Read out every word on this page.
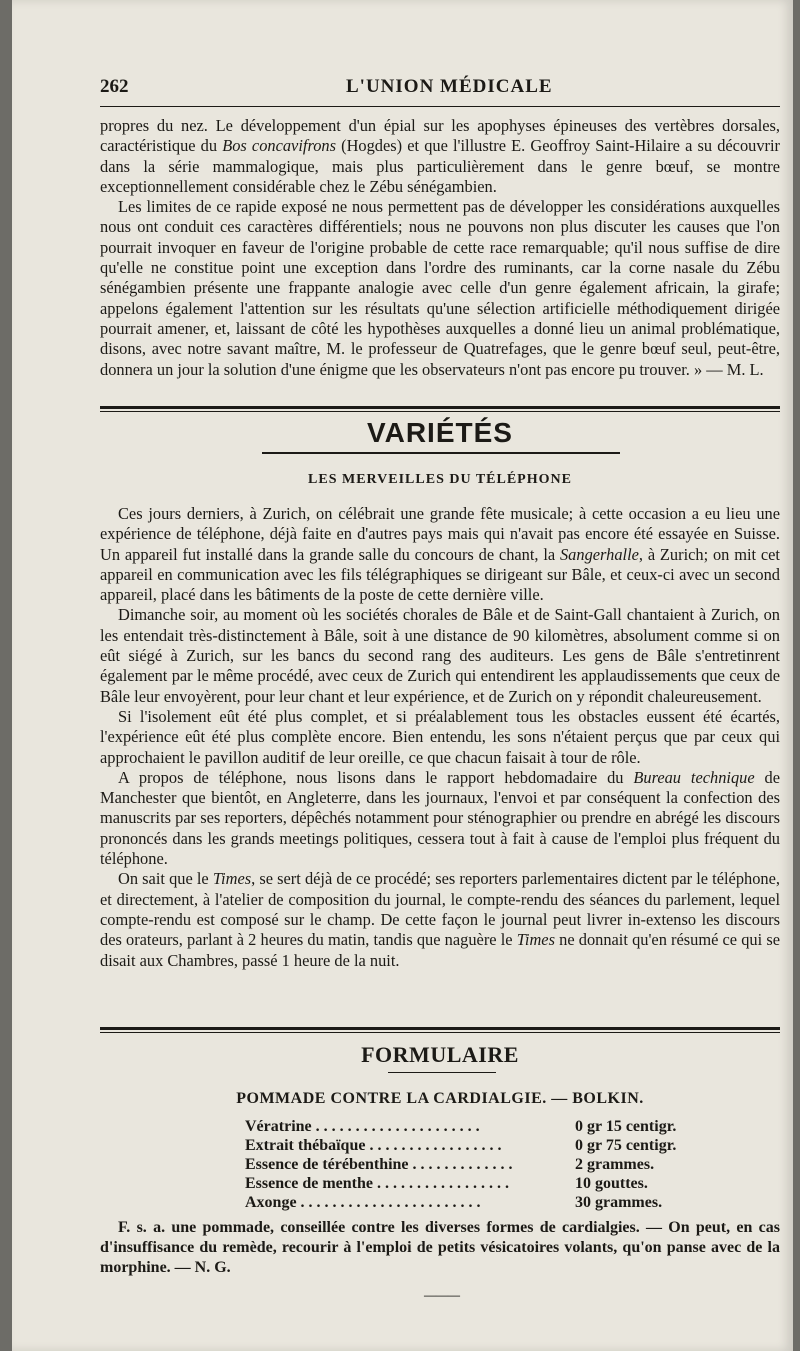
262	L'UNION MÉDICALE

propres du nez. Le développement d'un épial sur les apophyses épineuses des vertèbres dorsales, caractéristique du Bos concavifrons (Hogdes) et que l'illustre E. Geoffroy Saint-Hilaire a su découvrir dans la série mammalogique, mais plus particulièrement dans le genre bœuf, se montre exceptionnellement considérable chez le Zébu sénégambien.

Les limites de ce rapide exposé ne nous permettent pas de développer les considérations auxquelles nous ont conduit ces caractères différentiels; nous ne pouvons non plus discuter les causes que l'on pourrait invoquer en faveur de l'origine probable de cette race remarquable; qu'il nous suffise de dire qu'elle ne constitue point une exception dans l'ordre des ruminants, car la corne nasale du Zébu sénégambien présente une frappante analogie avec celle d'un genre également africain, la girafe; appelons également l'attention sur les résultats qu'une sélection artificielle méthodiquement dirigée pourrait amener, et, laissant de côté les hypothèses auxquelles a donné lieu un animal problématique, disons, avec notre savant maître, M. le professeur de Quatrefages, que le genre bœuf seul, peut-être, donnera un jour la solution d'une énigme que les observateurs n'ont pas encore pu trouver. » — M. L.

VARIÉTÉS
LES MERVEILLES DU TÉLÉPHONE

Ces jours derniers, à Zurich, on célébrait une grande fête musicale; à cette occasion a eu lieu une expérience de téléphone, déjà faite en d'autres pays mais qui n'avait pas encore été essayée en Suisse. Un appareil fut installé dans la grande salle du concours de chant, la Sangerhalle, à Zurich; on mit cet appareil en communication avec les fils télégraphiques se dirigeant sur Bâle, et ceux-ci avec un second appareil, placé dans les bâtiments de la poste de cette dernière ville.

Dimanche soir, au moment où les sociétés chorales de Bâle et de Saint-Gall chantaient à Zurich, on les entendait très-distinctement à Bâle, soit à une distance de 90 kilomètres, absolument comme si on eût siégé à Zurich, sur les bancs du second rang des auditeurs. Les gens de Bâle s'entretinrent également par le même procédé, avec ceux de Zurich qui entendirent les applaudissements que ceux de Bâle leur envoyèrent, pour leur chant et leur expérience, et de Zurich on y répondit chaleureusement.

Si l'isolement eût été plus complet, et si préalablement tous les obstacles eussent été écartés, l'expérience eût été plus complète encore. Bien entendu, les sons n'étaient perçus que par ceux qui approchaient le pavillon auditif de leur oreille, ce que chacun faisait à tour de rôle.

A propos de téléphone, nous lisons dans le rapport hebdomadaire du Bureau technique de Manchester que bientôt, en Angleterre, dans les journaux, l'envoi et par conséquent la confection des manuscrits par ses reporters, dépêchés notamment pour sténographier ou prendre en abrégé les discours prononcés dans les grands meetings politiques, cessera tout à fait à cause de l'emploi plus fréquent du téléphone.

On sait que le Times, se sert déjà de ce procédé; ses reporters parlementaires dictent par le téléphone, et directement, à l'atelier de composition du journal, le compte-rendu des séances du parlement, lequel compte-rendu est composé sur le champ. De cette façon le journal peut livrer in-extenso les discours des orateurs, parlant à 2 heures du matin, tandis que naguère le Times ne donnait qu'en résumé ce qui se disait aux Chambres, passé 1 heure de la nuit.

FORMULAIRE
POMMADE CONTRE LA CARDIALGIE. — BOLKIN.
Vératrine . . . . . . . . . . . . . . . . . . . . .	0 gr 15 centigr.
Extrait thébaïque . . . . . . . . . . . . . . . . .	0 gr 75 centigr.
Essence de térébenthine . . . . . . . . . . . . .	2 grammes.
Essence de menthe . . . . . . . . . . . . . . . . .	10 gouttes.
Axonge . . . . . . . . . . . . . . . . . . . . . . .	30 grammes.

F. s. a. une pommade, conseillée contre les diverses formes de cardialgies. — On peut, en cas d'insuffisance du remède, recourir à l'emploi de petits vésicatoires volants, qu'on panse avec de la morphine. — N. G.

———
